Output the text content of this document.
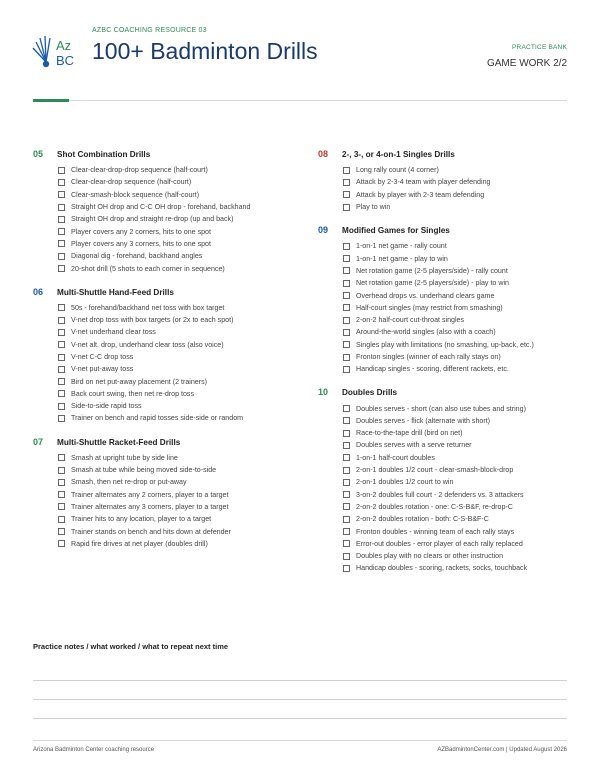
Az
BC
AZBC COACHING RESOURCE 03
100+ Badminton Drills	PRACTICE BANK
GAME WORK 2/2
05	Shot Combination Drills
Clear-clear-drop-drop sequence (half-court)
Clear-clear-drop sequence (half-court)
Clear-smash-block sequence (half-court)
Straight OH drop and C-C OH drop - forehand, backhand
Straight OH drop and straight re-drop (up and back)
Player covers any 2 corners, hits to one spot
Player covers any 3 corners, hits to one spot
Diagonal dig - forehand, backhand angles
20-shot drill (5 shots to each corner in sequence)
06	Multi-Shuttle Hand-Feed Drills
50s - forehand/backhand net toss with box target
V-net drop toss with box targets (or 2x to each spot)
V-net underhand clear toss
V-net alt. drop, underhand clear toss (also voice)
V-net C-C drop toss
V-net put-away toss
Bird on net put-away placement (2 trainers)
Back court swing, then net re-drop toss
Side-to-side rapid toss
Trainer on bench and rapid tosses side-side or random
07	Multi-Shuttle Racket-Feed Drills
Smash at upright tube by side line
Smash at tube while being moved side-to-side
Smash, then net re-drop or put-away
Trainer alternates any 2 corners, player to a target
Trainer alternates any 3 corners, player to a target
Trainer hits to any location, player to a target
Trainer stands on bench and hits down at defender
Rapid fire drives at net player (doubles drill)
08	2-, 3-, or 4-on-1 Singles Drills
Long rally count (4 corner)
Attack by 2-3-4 team with player defending
Attack by player with 2-3 team defending
Play to win
09	Modified Games for Singles
1-on-1 net game - rally count
1-on-1 net game - play to win
Net rotation game (2-5 players/side) - rally count
Net rotation game (2-5 players/side) - play to win
Overhead drops vs. underhand clears game
Half-court singles (may restrict from smashing)
2-on-2 half-court cut-throat singles
Around-the-world singles (also with a coach)
Singles play with limitations (no smashing, up-back, etc.)
Fronton singles (winner of each rally stays on)
Handicap singles - scoring, different rackets, etc.
10	Doubles Drills
Doubles serves - short (can also use tubes and string)
Doubles serves - flick (alternate with short)
Race-to-the-tape drill (bird on net)
Doubles serves with a serve returner
1-on-1 half-court doubles
2-on-1 doubles 1/2 court - clear-smash-block-drop
2-on-1 doubles 1/2 court to win
3-on-2 doubles full court - 2 defenders vs. 3 attackers
2-on-2 doubles rotation - one: C-S-B&F, re-drop-C
2-on-2 doubles rotation - both: C-S-B&F-C
Fronton doubles - winning team of each rally stays
Error-out doubles - error player of each rally replaced
Doubles play with no clears or other instruction
Handicap doubles - scoring, rackets, socks, touchback
Practice notes / what worked / what to repeat next time
Arizona Badminton Center coaching resource	AZBadmintonCenter.com | Updated August 2026
